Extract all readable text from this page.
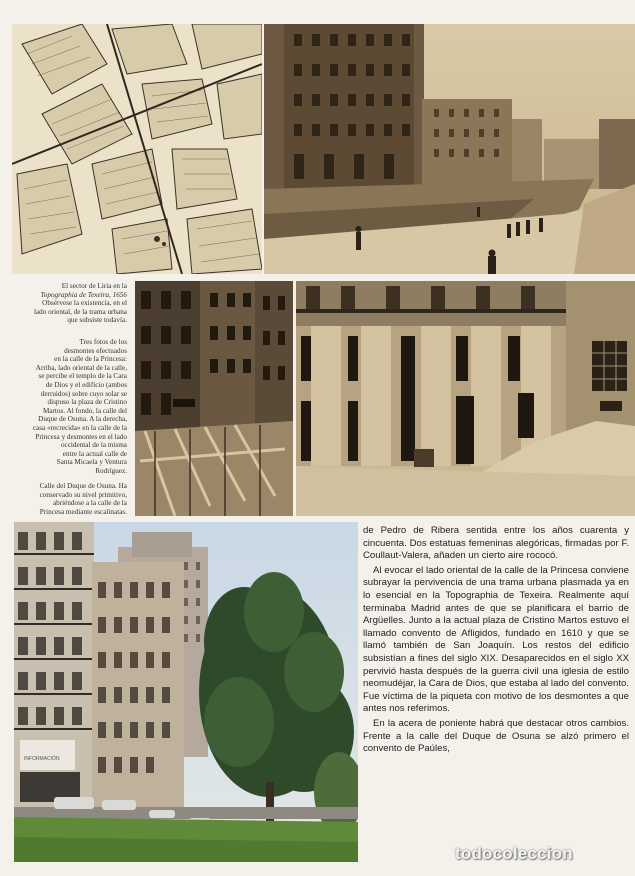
El sector de Liria en la
Topographia de Texeira, 1656
Obsérvese la existencia, en el
lado oriental, de la trama urbana
que subsiste todavía.
Tres fotos de los
desmontes efectuados
en la calle de la Princesa:
Arriba, lado oriental de la calle,
se percibe el templo de la Cara
de Dios y el edificio (ambos
derruidos) sobre cuyo solar se
dispuso la plaza de Cristino
Martos. Al fondo, la calle del
Duque de Osuna. A la derecha,
casa «recrecida» en la calle de la
Princesa y desmontes en el lado
occidental de la misma
entre la actual calle de
Santa Micaela y Ventura
Rodríguez.
Calle del Duque de Osuna. Ha
conservado su nivel primitivo,
abriéndose a la calle de la
Princesa mediante escalinatas.
INFORMACIÓN

de Pedro de Ribera sentida entre los años cuarenta y cincuenta. Dos estatuas femeninas alegóricas, firmadas por F. Coullaut-Valera, añaden un cierto aire rococó.

Al evocar el lado oriental de la calle de la Princesa conviene subrayar la pervivencia de una trama urbana plasmada ya en lo esencial en la Topographia de Texeira. Realmente aquí terminaba Madrid antes de que se planificara el barrio de Argüelles. Junto a la actual plaza de Cristino Martos estuvo el llamado convento de Afligidos, fundado en 1610 y que se llamó también de San Joaquín. Los restos del edificio subsistían a fines del siglo XIX. Desaparecidos en el siglo XX pervivió hasta después de la guerra civil una iglesia de estilo neomudéjar, la Cara de Dios, que estaba al lado del convento. Fue víctima de la piqueta con motivo de los desmontes a que antes nos referimos.

En la acera de poniente habrá que destacar otros cambios. Frente a la calle del Duque de Osuna se alzó primero el convento de Paúles,

todocoleccion
